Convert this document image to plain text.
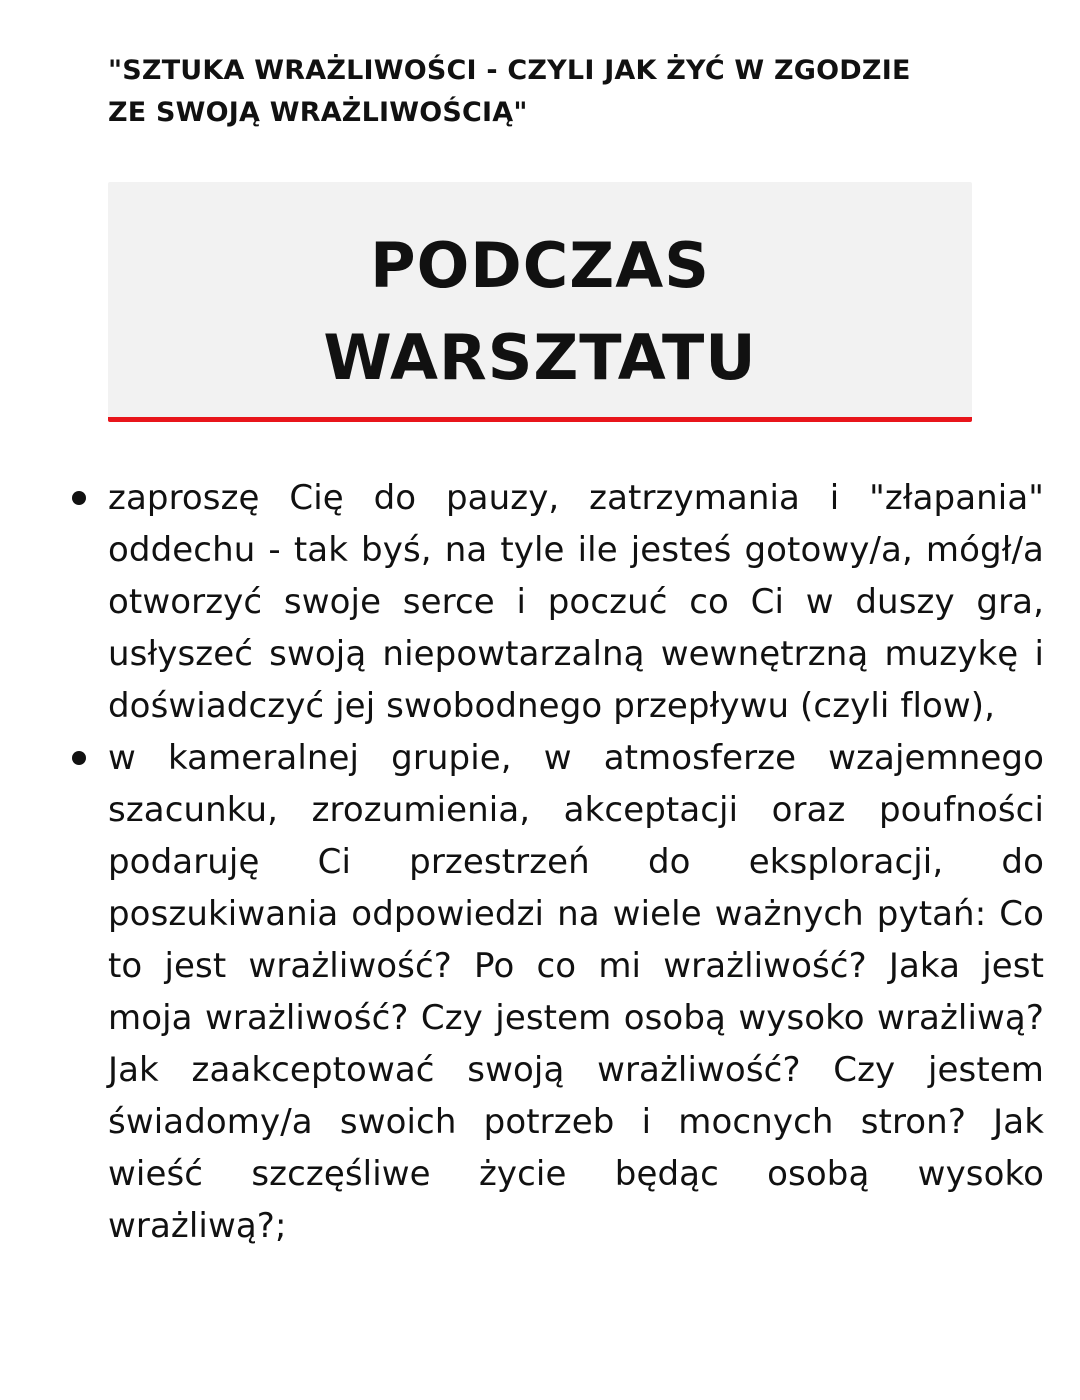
"SZTUKA WRAŻLIWOŚCI - CZYLI JAK ŻYĆ W ZGODZIE
ZE SWOJĄ WRAŻLIWOŚCIĄ"
PODCZAS
WARSZTATU
zaproszę Cię do pauzy, zatrzymania i "złapania" oddechu - tak byś, na tyle ile jesteś gotowy/a, mógł/a otworzyć swoje serce i poczuć co Ci w duszy gra, usłyszeć swoją niepowtarzalną wewnętrzną muzykę i doświadczyć jej swobodnego przepływu (czyli flow),
w kameralnej grupie, w atmosferze wzajemnego szacunku, zrozumienia, akceptacji oraz poufności podaruję Ci przestrzeń do eksploracji, do poszukiwania odpowiedzi na wiele ważnych pytań: Co to jest wrażliwość? Po co mi wrażliwość? Jaka jest moja wrażliwość? Czy jestem osobą wysoko wrażliwą? Jak zaakceptować swoją wrażliwość? Czy jestem świadomy/a swoich potrzeb i mocnych stron? Jak wieść szczęśliwe życie będąc osobą wysoko wrażliwą?;
